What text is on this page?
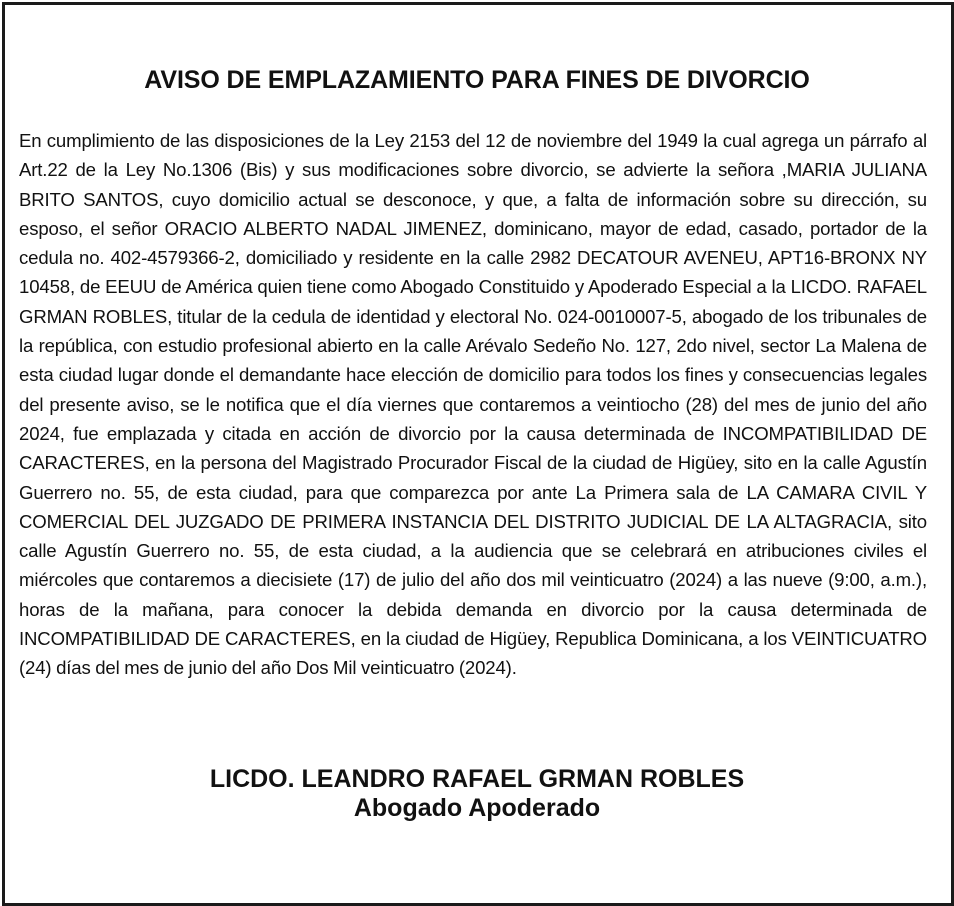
AVISO DE EMPLAZAMIENTO PARA FINES DE DIVORCIO

En cumplimiento de las disposiciones de la Ley 2153 del 12 de noviembre del 1949 la cual agrega un párrafo al Art.22 de la Ley No.1306 (Bis) y sus modificaciones sobre divorcio, se advierte la señora ,MARIA JULIANA BRITO SANTOS, cuyo domicilio actual se desconoce, y que, a falta de información sobre su dirección, su esposo, el señor ORACIO ALBERTO NADAL JIMENEZ, dominicano, mayor de edad, casado, portador de la cedula no. 402-4579366-2, domiciliado y residente en la calle 2982 DECATOUR AVENEU, APT16-BRONX NY 10458, de EEUU de América quien tiene como Abogado Constituido y Apoderado Especial a la LICDO. RAFAEL GRMAN ROBLES, titular de la cedula de identidad y electoral No. 024-0010007-5, abogado de los tribunales de la república, con estudio profesional abierto en la calle Arévalo Sedeño No. 127, 2do nivel, sector La Malena de esta ciudad lugar donde el demandante hace elección de domicilio para todos los fines y consecuencias legales del presente aviso, se le notifica que el día viernes que contaremos a veintiocho (28) del mes de junio del año 2024, fue emplazada y citada en acción de divorcio por la causa determinada de INCOMPATIBILIDAD DE CARACTERES, en la persona del Magistrado Procurador Fiscal de la ciudad de Higüey, sito en la calle Agustín Guerrero no. 55, de esta ciudad, para que comparezca por ante La Primera sala de LA CAMARA CIVIL Y COMERCIAL DEL JUZGADO DE PRIMERA INSTANCIA DEL DISTRITO JUDICIAL DE LA ALTAGRACIA, sito calle Agustín Guerrero no. 55, de esta ciudad, a la audiencia que se celebrará en atribuciones civiles el miércoles que contaremos a diecisiete (17) de julio del año dos mil veinticuatro (2024) a las nueve (9:00, a.m.), horas de la mañana, para conocer la debida demanda en divorcio por la causa determinada de INCOMPATIBILIDAD DE CARACTERES, en la ciudad de Higüey, Republica Dominicana, a los VEINTICUATRO (24) días del mes de junio del año Dos Mil veinticuatro (2024).

LICDO. LEANDRO RAFAEL GRMAN ROBLES
Abogado Apoderado
